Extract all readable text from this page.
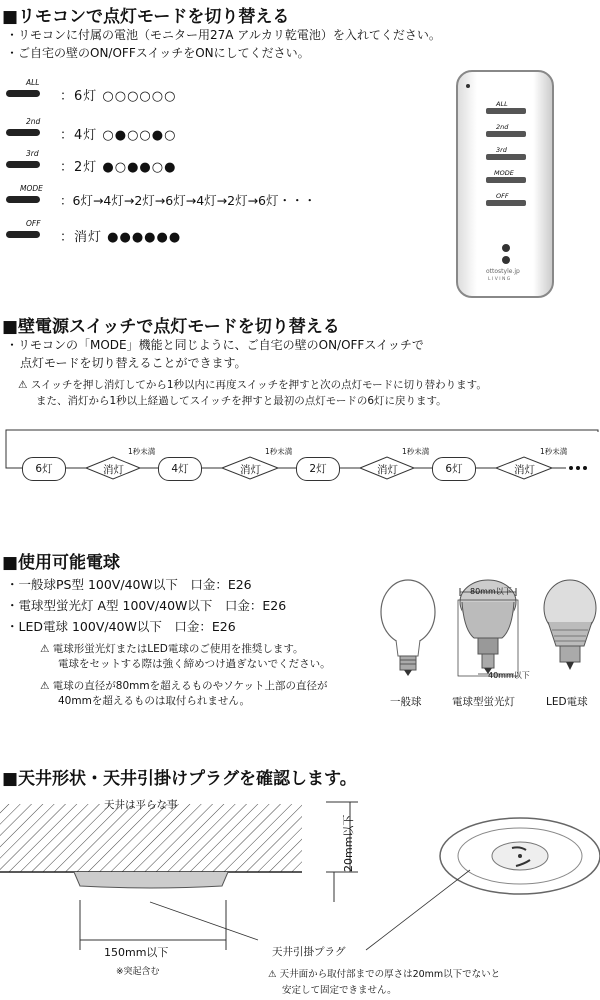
■リモコンで点灯モードを切り替える
・リモコンに付属の電池（モニター用27A アルカリ乾電池）を入れてください。
・ご自宅の壁のON/OFFスイッチをONにしてください。
ALL
：6灯 ○○○○○○
2nd
：4灯 ○●○○●○
3rd
：2灯 ●○●●○●
MODE
：6灯→4灯→2灯→6灯→4灯→2灯→6灯・・・
OFF
：消灯 ●●●●●●
ALL
2nd
3rd
MODE
OFF
ottostyle.jp
L I V I N G
■壁電源スイッチで点灯モードを切り替える
・リモコンの「MODE」機能と同じように、ご自宅の壁のON/OFFスイッチで
点灯モードを切り替えることができます。
⚠ スイッチを押し消灯してから1秒以内に再度スイッチを押すと次の点灯モードに切り替わります。
また、消灯から1秒以上経過してスイッチを押すと最初の点灯モードの6灯に戻ります。
6灯	4灯	2灯	6灯
消灯	消灯	消灯	消灯
1秒未満	1秒未満	1秒未満	1秒未満
■使用可能電球
・一般球PS型 100V/40W以下　口金：E26
・電球型蛍光灯 A型 100V/40W以下　口金：E26
・LED電球 100V/40W以下　口金：E26
⚠ 電球形蛍光灯またはLED電球のご使用を推奨します。
電球をセットする際は強く締めつけ過ぎないでください。
⚠ 電球の直径が80mmを超えるものやソケット上部の直径が
40mmを超えるものは取付られません。
80mm以下
40mm以下
一般球	電球型蛍光灯	LED電球
■天井形状・天井引掛けプラグを確認します。
天井は平らな事
20mm以下
150mm以下
※突起含む
天井引掛プラグ
⚠ 天井面から取付部までの厚さは20mm以下でないと
安定して固定できません。
